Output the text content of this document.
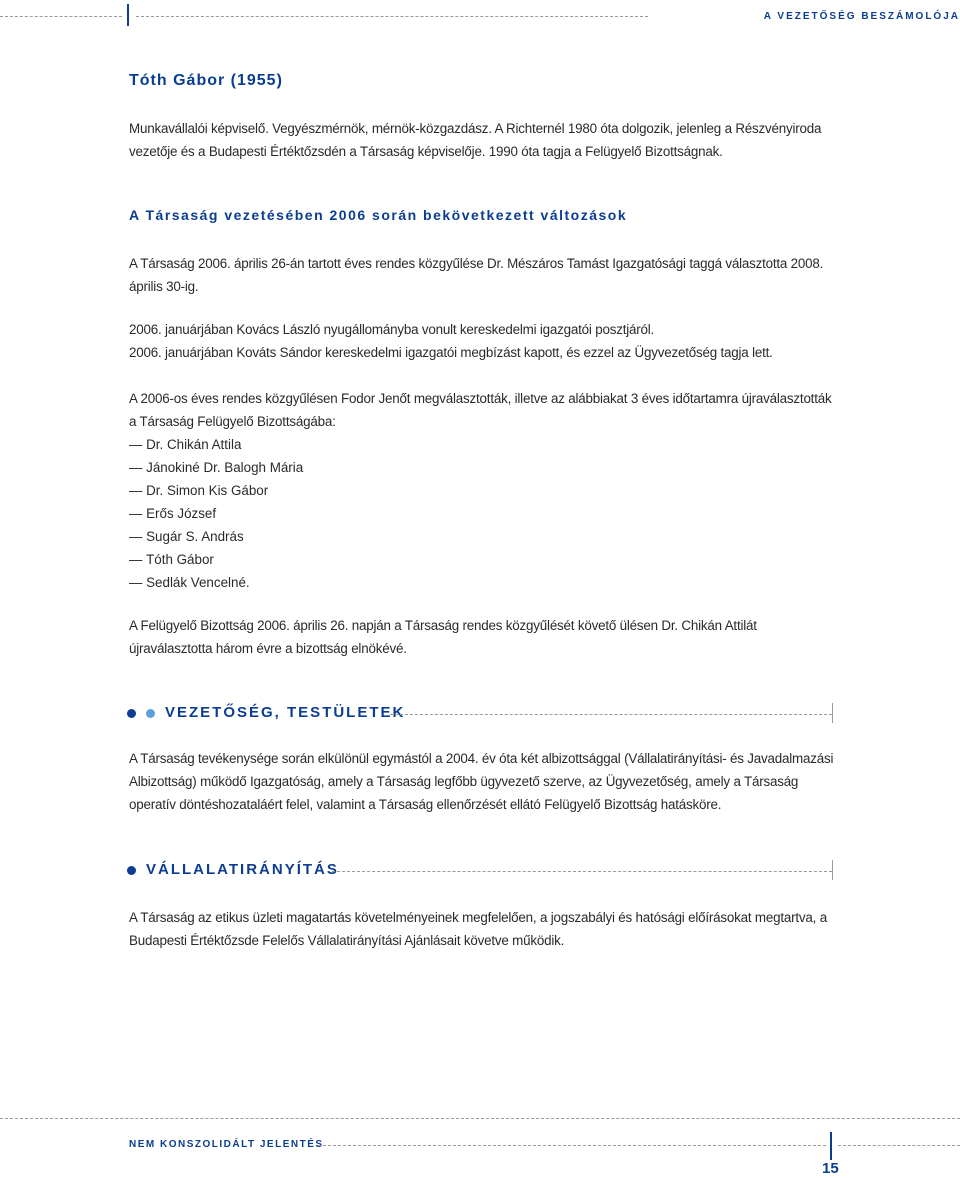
A VEZETŐSÉG BESZÁMOLÓJA
Tóth Gábor (1955)

Munkavállalói képviselő. Vegyészmérnök, mérnök-közgazdász. A Richternél 1980 óta dolgozik, jelenleg a Részvényiroda vezetője és a Budapesti Értéktőzsdén a Társaság képviselője. 1990 óta tagja a Felügyelő Bizottságnak.

A Társaság vezetésében 2006 során bekövetkezett változások

A Társaság 2006. április 26-án tartott éves rendes közgyűlése Dr. Mészáros Tamást Igazgatósági taggá választotta 2008. április 30-ig.

2006. januárjában Kovács László nyugállományba vonult kereskedelmi igazgatói posztjáról.

2006. januárjában Kováts Sándor kereskedelmi igazgatói megbízást kapott, és ezzel az Ügyvezetőség tagja lett.

A 2006-os éves rendes közgyűlésen Fodor Jenőt megválasztották, illetve az alábbiakat 3 éves időtartamra újraválasztották a Társaság Felügyelő Bizottságába:

— Dr. Chikán Attila
— Jánokiné Dr. Balogh Mária
— Dr. Simon Kis Gábor
— Erős József
— Sugár S. András
— Tóth Gábor
— Sedlák Vencelné.

A Felügyelő Bizottság 2006. április 26. napján a Társaság rendes közgyűlését követő ülésen Dr. Chikán Attilát újraválasztotta három évre a bizottság elnökévé.

VEZETŐSÉG, TESTÜLETEK

A Társaság tevékenysége során elkülönül egymástól a 2004. év óta két albizottsággal (Vállalatirányítási- és Javadalmazási Albizottság) működő Igazgatóság, amely a Társaság legfőbb ügyvezető szerve, az Ügyvezetőség, amely a Társaság operatív döntéshozataláért felel, valamint a Társaság ellenőrzését ellátó Felügyelő Bizottság hatásköre.

VÁLLALATIRÁNYÍTÁS

A Társaság az etikus üzleti magatartás követelményeinek megfelelően, a jogszabályi és hatósági előírásokat megtartva, a Budapesti Értéktőzsde Felelős Vállalatirányítási Ajánlásait követve működik.

NEM KONSZOLIDÁLT JELENTÉS
15
